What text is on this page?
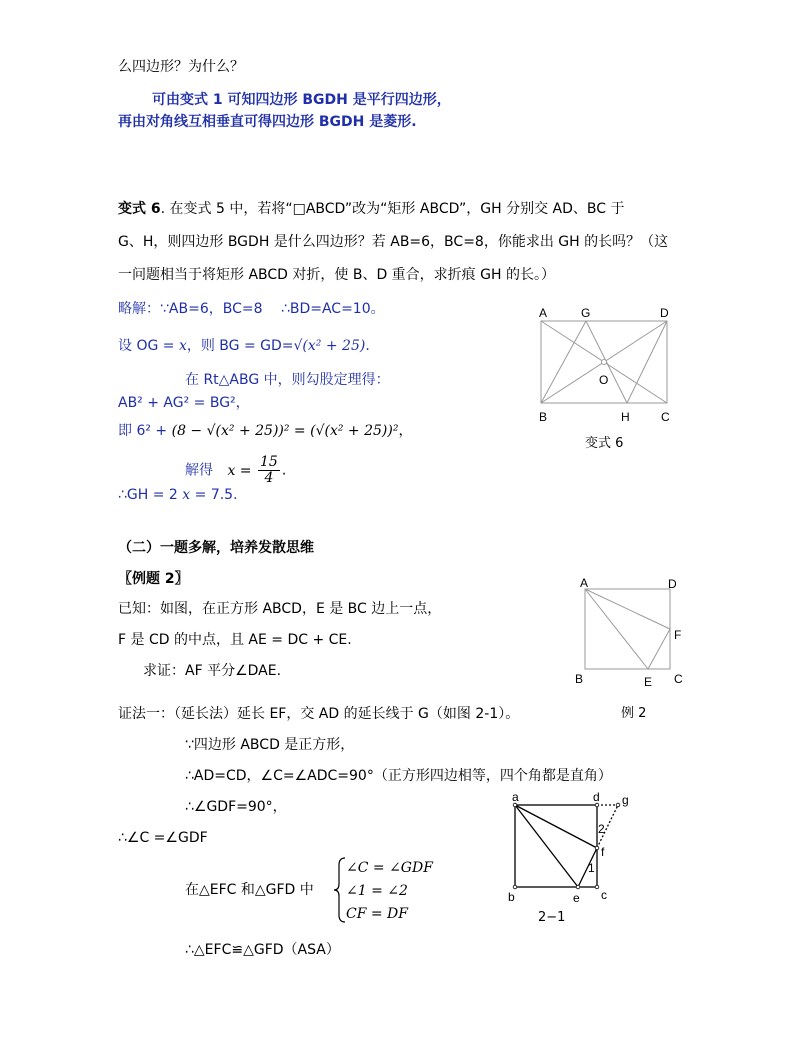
么四边形？为什么？
可由变式 1 可知四边形 BGDH 是平行四边形，
再由对角线互相垂直可得四边形 BGDH 是菱形.
变式 6. 在变式 5 中，若将“□ABCD”改为“矩形 ABCD”，GH 分别交 AD、BC 于
G、H，则四边形 BGDH 是什么四边形？若 AB=6，BC=8，你能求出 GH 的长吗？（这
一问题相当于将矩形 ABCD 对折，使 B、D 重合，求折痕 GH 的长。）
略解：∵AB=6，BC=8　 ∴BD=AC=10。
设 OG = x，则 BG = GD=√(x² + 25).
在 Rt△ABG 中，则勾股定理得：
AB² + AG² = BG²，
即 6² + (8 − √(x² + 25))² = (√(x² + 25))²，
解得 $x = \frac{15}{4}$ .
∴GH = 2 x = 7.5.
A	G	D
O
B	H	C
变式 6
（二）一题多解，培养发散思维
〖例题 2〗
已知：如图，在正方形 ABCD，E 是 BC 边上一点，
F 是 CD 的中点，且 AE = DC + CE.
求证：AF 平分∠DAE.
A	D
F
B	E C
例 2
证法一：（延长法）延长 EF，交 AD 的延长线于 G（如图 2-1）。
∵四边形 ABCD 是正方形，
∴AD=CD，∠C=∠ADC=90°（正方形四边相等，四个角都是直角）
∴∠GDF=90°，
∴∠C =∠GDF
在△EFC 和△GFD 中
∠C = ∠GDF
∠1 = ∠2
CF = DF
∴△EFC≌△GFD（ASA）
a	d g
2
f
1
b	e c
2−1
